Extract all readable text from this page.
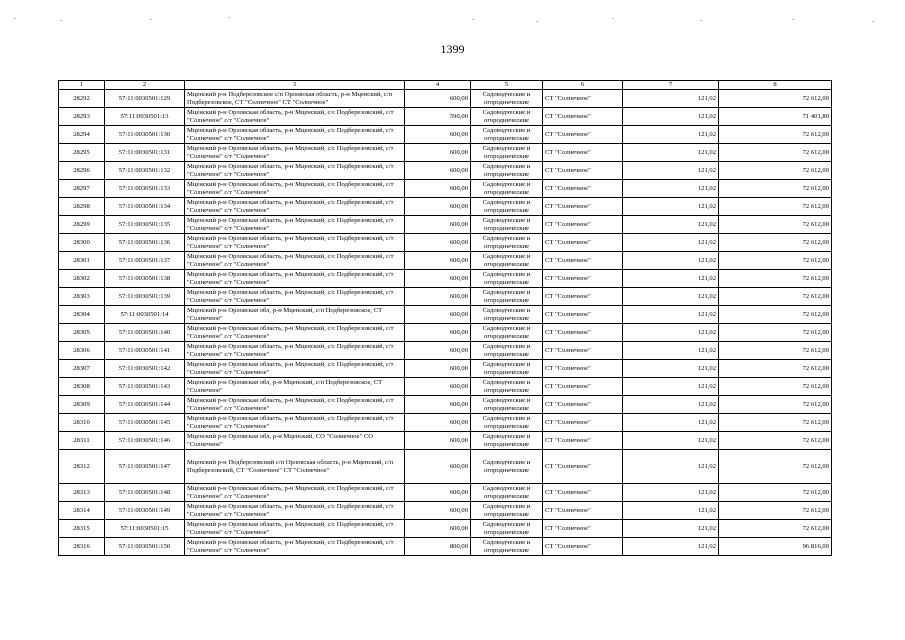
1399
1	2	3	4	5	6	7	8
28292	57:11:0030501:129	Мценский р-н Подберезовское с/п Орловская область, р-н Мценский, с/п Подберезовское, СТ "Солнечное" СТ "Солнечное"	600,00	Садоводческие и огороднические	СТ "Солнечное"	121,02	72 612,00
28293	57:11:0030501:13	Мценский р-н Орловская область, р-н Мценский, с/с Подберезовский, с/т "Солнечное" с/т "Солнечное"	590,00	Садоводческие и огороднические	СТ "Солнечное"	121,02	71 401,80
28294	57:11:0030501:130	Мценский р-н Орловская область, р-н Мценский, с/с Подберезовский, с/т "Солнечное" с/т "Солнечное"	600,00	Садоводческие и огороднические	СТ "Солнечное"	121,02	72 612,00
28295	57:11:0030501:131	Мценский р-н Орловская область, р-н Мценский, с/с Подберезовский, с/т "Солнечное" с/т "Солнечное"	600,00	Садоводческие и огороднические	СТ "Солнечное"	121,02	72 612,00
28296	57:11:0030501:132	Мценский р-н Орловская область, р-н Мценский, с/с Подберезовский, с/т "Солнечное" с/т "Солнечное"	600,00	Садоводческие и огороднические	СТ "Солнечное"	121,02	72 612,00
28297	57:11:0030501:133	Мценский р-н Орловская область, р-н Мценский, с/с Подберезовский, с/т "Солнечное" с/т "Солнечное"	600,00	Садоводческие и огороднические	СТ "Солнечное"	121,02	72 612,00
28298	57:11:0030501:134	Мценский р-н Орловская область, р-н Мценский, с/с Подберезовский, с/т "Солнечное" с/т "Солнечное"	600,00	Садоводческие и огороднические	СТ "Солнечное"	121,02	72 612,00
28299	57:11:0030501:135	Мценский р-н Орловская область, р-н Мценский, с/с Подберезовский, с/т "Солнечное" с/т "Солнечное"	600,00	Садоводческие и огороднические	СТ "Солнечное"	121,02	72 612,00
28300	57:11:0030501:136	Мценский р-н Орловская область, р-н Мценский, с/с Подберезовский, с/т "Солнечное" с/т "Солнечное"	600,00	Садоводческие и огороднические	СТ "Солнечное"	121,02	72 612,00
28301	57:11:0030501:137	Мценский р-н Орловская область, р-н Мценский, с/с Подберезовский, с/т "Солнечное" с/т "Солнечное"	600,00	Садоводческие и огороднические	СТ "Солнечное"	121,02	72 612,00
28302	57:11:0030501:138	Мценский р-н Орловская область, р-н Мценский, с/с Подберезовский, с/т "Солнечное" с/т "Солнечное"	600,00	Садоводческие и огороднические	СТ "Солнечное"	121,02	72 612,00
28303	57:11:0030501:139	Мценский р-н Орловская область, р-н Мценский, с/с Подберезовский, с/т "Солнечное" с/т "Солнечное"	600,00	Садоводческие и огороднические	СТ "Солнечное"	121,02	72 612,00
28304	57:11:0030501:14	Мценский р-н Орловская обл, р-н Мценский, с/п Подберезовское, СТ "Солнечное"	600,00	Садоводческие и огороднические	СТ "Солнечное"	121,02	72 612,00
28305	57:11:0030501:140	Мценский р-н Орловская область, р-н Мценский, с/с Подберезовский, с/т "Солнечное" с/т "Солнечное"	600,00	Садоводческие и огороднические	СТ "Солнечное"	121,02	72 612,00
28306	57:11:0030501:141	Мценский р-н Орловская область, р-н Мценский, с/с Подберезовский, с/т "Солнечное" с/т "Солнечное"	600,00	Садоводческие и огороднические	СТ "Солнечное"	121,02	72 612,00
28307	57:11:0030501:142	Мценский р-н Орловская область, р-н Мценский, с/с Подберезовский, с/т "Солнечное" с/т "Солнечное"	600,00	Садоводческие и огороднические	СТ "Солнечное"	121,02	72 612,00
28308	57:11:0030501:143	Мценский р-н Орловская обл, р-н Мценский, с/п Подберезовское, СТ "Солнечное"	600,00	Садоводческие и огороднические	СТ "Солнечное"	121,02	72 612,00
28309	57:11:0030501:144	Мценский р-н Орловская область, р-н Мценский, с/с Подберезовский, с/т "Солнечное" с/т "Солнечное"	600,00	Садоводческие и огороднические	СТ "Солнечное"	121,02	72 612,00
28310	57:11:0030501:145	Мценский р-н Орловская область, р-н Мценский, с/с Подберезовский, с/т "Солнечное" с/т "Солнечное"	600,00	Садоводческие и огороднические	СТ "Солнечное"	121,02	72 612,00
28311	57:11:0030501:146	Мценский р-н Орловская обл, р-н Мценский, СО "Солнечное" СО "Солнечное"	600,00	Садоводческие и огороднические	СТ "Солнечное"	121,02	72 612,00
28312	57:11:0030501:147	Мценский р-н Подберезовский с/п Орловская область, р-н Мценский, с/п Подберезовский, СТ "Солнечное" СТ "Солнечное"	600,00	Садоводческие и огороднические	СТ "Солнечное"	121,02	72 612,00
28313	57:11:0030501:148	Мценский р-н Орловская область, р-н Мценский, с/с Подберезовский, с/т "Солнечное" с/т "Солнечное"	600,00	Садоводческие и огороднические	СТ "Солнечное"	121,02	72 612,00
28314	57:11:0030501:149	Мценский р-н Орловская область, р-н Мценский, с/с Подберезовский, с/т "Солнечное" с/т "Солнечное"	600,00	Садоводческие и огороднические	СТ "Солнечное"	121,02	72 612,00
28315	57:11:0030501:15	Мценский р-н Орловская область, р-н Мценский, с/с Подберезовский, с/т "Солнечное" с/т "Солнечное"	600,00	Садоводческие и огороднические	СТ "Солнечное"	121,02	72 612,00
28316	57:11:0030501:150	Мценский р-н Орловская область, р-н Мценский, с/с Подберезовский, с/т "Солнечное" с/т "Солнечное"	800,00	Садоводческие и огороднические	СТ "Солнечное"	121,02	96 816,00
